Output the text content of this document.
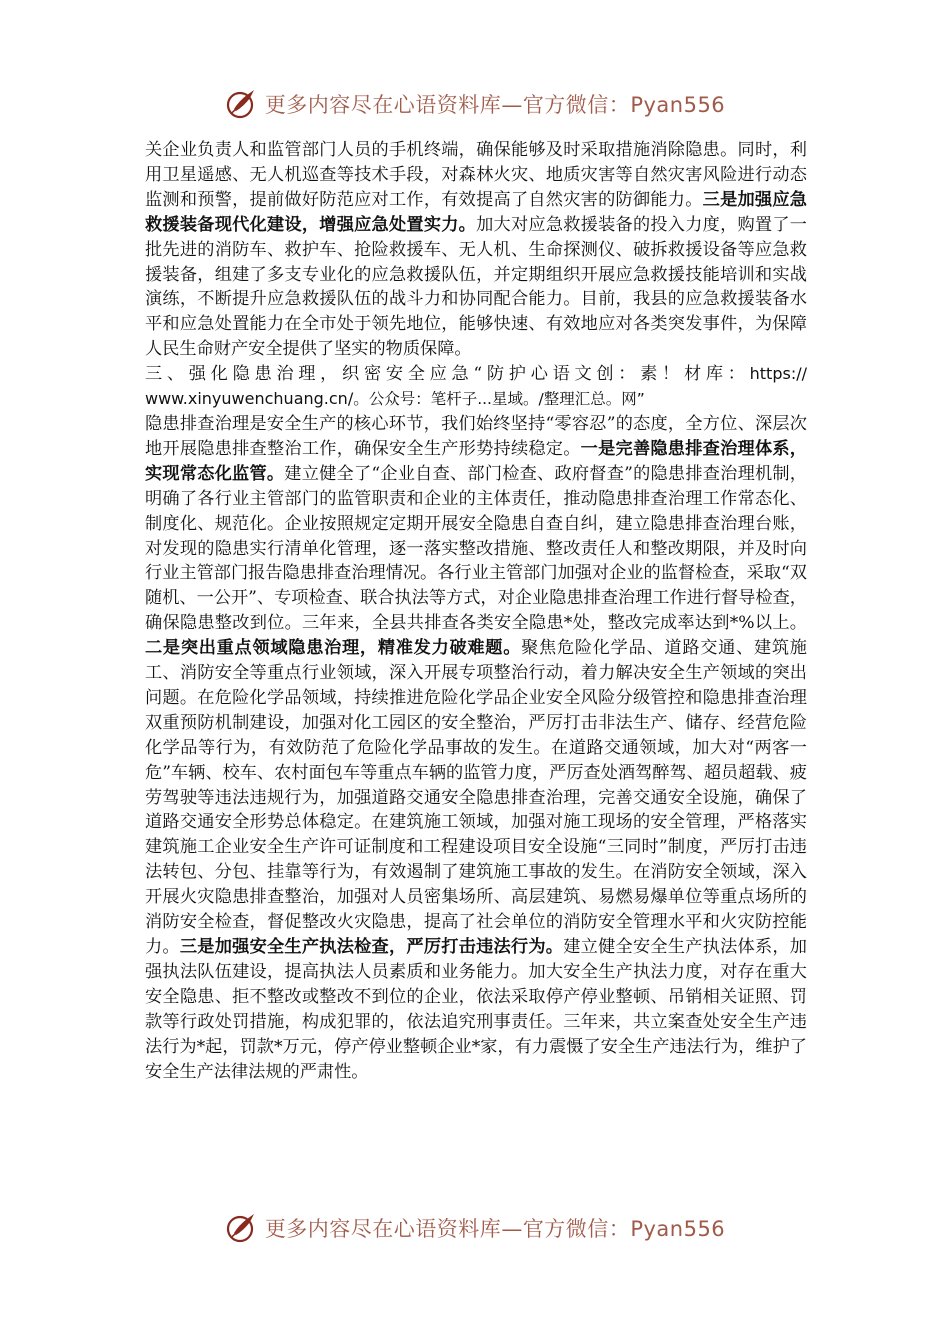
更多内容尽在心语资料库—官方微信：Pyan556

关企业负责人和监管部门人员的手机终端，确保能够及时采取措施消除隐患。同时，利用卫星遥感、无人机巡查等技术手段，对森林火灾、地质灾害等自然灾害风险进行动态监测和预警，提前做好防范应对工作，有效提高了自然灾害的防御能力。三是加强应急救援装备现代化建设，增强应急处置实力。加大对应急救援装备的投入力度，购置了一批先进的消防车、救护车、抢险救援车、无人机、生命探测仪、破拆救援设备等应急救援装备，组建了多支专业化的应急救援队伍，并定期组织开展应急救援技能培训和实战演练，不断提升应急救援队伍的战斗力和协同配合能力。目前，我县的应急救援装备水平和应急处置能力在全市处于领先地位，能够快速、有效地应对各类突发事件，为保障人民生命财产安全提供了坚实的物质保障。

三、强化隐患治理，织密安全应急“防护心语文创：素！材库：https://www.xinyuwenchuang.cn/。公众号：笔杆子...星域。/整理汇总。网”

隐患排查治理是安全生产的核心环节，我们始终坚持“零容忍”的态度，全方位、深层次地开展隐患排查整治工作，确保安全生产形势持续稳定。一是完善隐患排查治理体系，实现常态化监管。建立健全了“企业自查、部门检查、政府督查”的隐患排查治理机制，明确了各行业主管部门的监管职责和企业的主体责任，推动隐患排查治理工作常态化、制度化、规范化。企业按照规定定期开展安全隐患自查自纠，建立隐患排查治理台账，对发现的隐患实行清单化管理，逐一落实整改措施、整改责任人和整改期限，并及时向行业主管部门报告隐患排查治理情况。各行业主管部门加强对企业的监督检查，采取“双随机、一公开”、专项检查、联合执法等方式，对企业隐患排查治理工作进行督导检查，确保隐患整改到位。三年来，全县共排查各类安全隐患*处，整改完成率达到*%以上。二是突出重点领域隐患治理，精准发力破难题。聚焦危险化学品、道路交通、建筑施工、消防安全等重点行业领域，深入开展专项整治行动，着力解决安全生产领域的突出问题。在危险化学品领域，持续推进危险化学品企业安全风险分级管控和隐患排查治理双重预防机制建设，加强对化工园区的安全整治，严厉打击非法生产、储存、经营危险化学品等行为，有效防范了危险化学品事故的发生。在道路交通领域，加大对“两客一危”车辆、校车、农村面包车等重点车辆的监管力度，严厉查处酒驾醉驾、超员超载、疲劳驾驶等违法违规行为，加强道路交通安全隐患排查治理，完善交通安全设施，确保了道路交通安全形势总体稳定。在建筑施工领域，加强对施工现场的安全管理，严格落实建筑施工企业安全生产许可证制度和工程建设项目安全设施“三同时”制度，严厉打击违法转包、分包、挂靠等行为，有效遏制了建筑施工事故的发生。在消防安全领域，深入开展火灾隐患排查整治，加强对人员密集场所、高层建筑、易燃易爆单位等重点场所的消防安全检查，督促整改火灾隐患，提高了社会单位的消防安全管理水平和火灾防控能力。三是加强安全生产执法检查，严厉打击违法行为。建立健全安全生产执法体系，加强执法队伍建设，提高执法人员素质和业务能力。加大安全生产执法力度，对存在重大安全隐患、拒不整改或整改不到位的企业，依法采取停产停业整顿、吊销相关证照、罚款等行政处罚措施，构成犯罪的，依法追究刑事责任。三年来，共立案查处安全生产违法行为*起，罚款*万元，停产停业整顿企业*家，有力震慑了安全生产违法行为，维护了安全生产法律法规的严肃性。

更多内容尽在心语资料库—官方微信：Pyan556
